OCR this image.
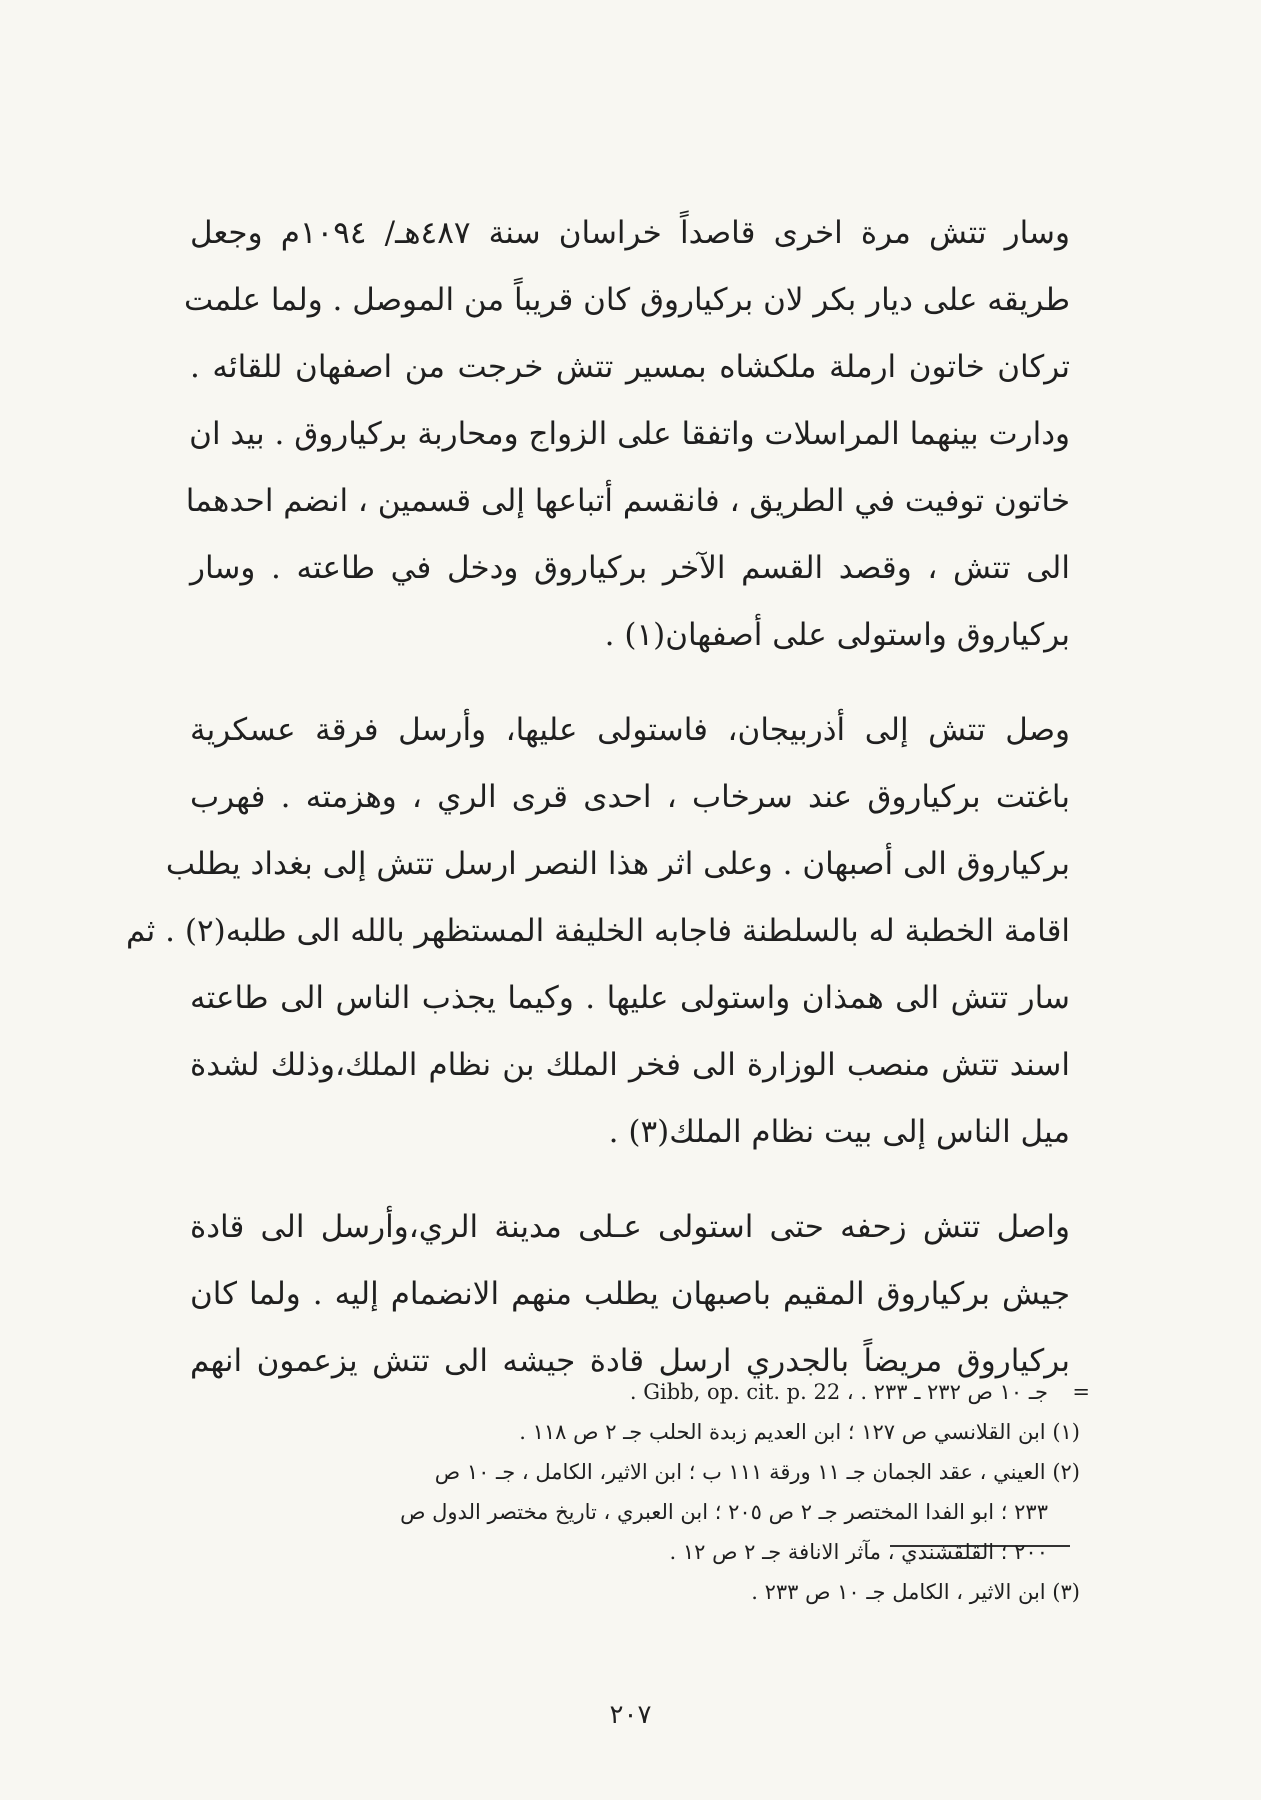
وسار تتش مرة اخرى قاصداً خراسان سنة ٤٨٧هـ/ ١٠٩٤م وجعل
طريقه على ديار بكر لان بركياروق كان قريباً من الموصل . ولما علمت
تركان خاتون ارملة ملكشاه بمسير تتش خرجت من اصفهان للقائه .
ودارت بينهما المراسلات واتفقا على الزواج ومحاربة بركياروق . بيد ان
خاتون توفيت في الطريق ، فانقسم أتباعها إلى قسمين ، انضم احدهما
الى تتش ، وقصد القسم الآخر بركياروق ودخل في طاعته . وسار
بركياروق واستولى على أصفهان(١) .

وصل تتش إلى أذربيجان، فاستولى عليها، وأرسل فرقة عسكرية
باغتت بركياروق عند سرخاب ، احدى قرى الري ، وهزمته . فهرب
بركياروق الى أصبهان . وعلى اثر هذا النصر ارسل تتش إلى بغداد يطلب
اقامة الخطبة له بالسلطنة فاجابه الخليفة المستظهر بالله الى طلبه(٢) . ثم
سار تتش الى همذان واستولى عليها . وكيما يجذب الناس الى طاعته
اسند تتش منصب الوزارة الى فخر الملك بن نظام الملك،وذلك لشدة
ميل الناس إلى بيت نظام الملك(٣) .

واصل تتش زحفه حتى استولى عـلى مدينة الري،وأرسل الى قادة
جيش بركياروق المقيم باصبهان يطلب منهم الانضمام إليه . ولما كان
بركياروق مريضاً بالجدري ارسل قادة جيشه الى تتش يزعمون انهم

=
جـ ١٠ ص ٢٣٢ ـ ٢٣٣ . ، Gibb, op. cit. p. 22 .

(١) ابن القلانسي ص ١٢٧ ؛ ابن العديم زبدة الحلب جـ ٢ ص ١١٨ .

(٢) العيني ، عقد الجمان جـ ١١ ورقة ١١١ ب ؛ ابن الاثير، الكامل ، جـ ١٠ ص

٢٣٣ ؛ ابو الفدا المختصر جـ ٢ ص ٢٠٥ ؛ ابن العبري ، تاريخ مختصر الدول ص

٢٠٠ ؛ القلقشندي ، مآثر الانافة جـ ٢ ص ١٢ .

(٣) ابن الاثير ، الكامل جـ ١٠ ص ٢٣٣ .

٢٠٧
